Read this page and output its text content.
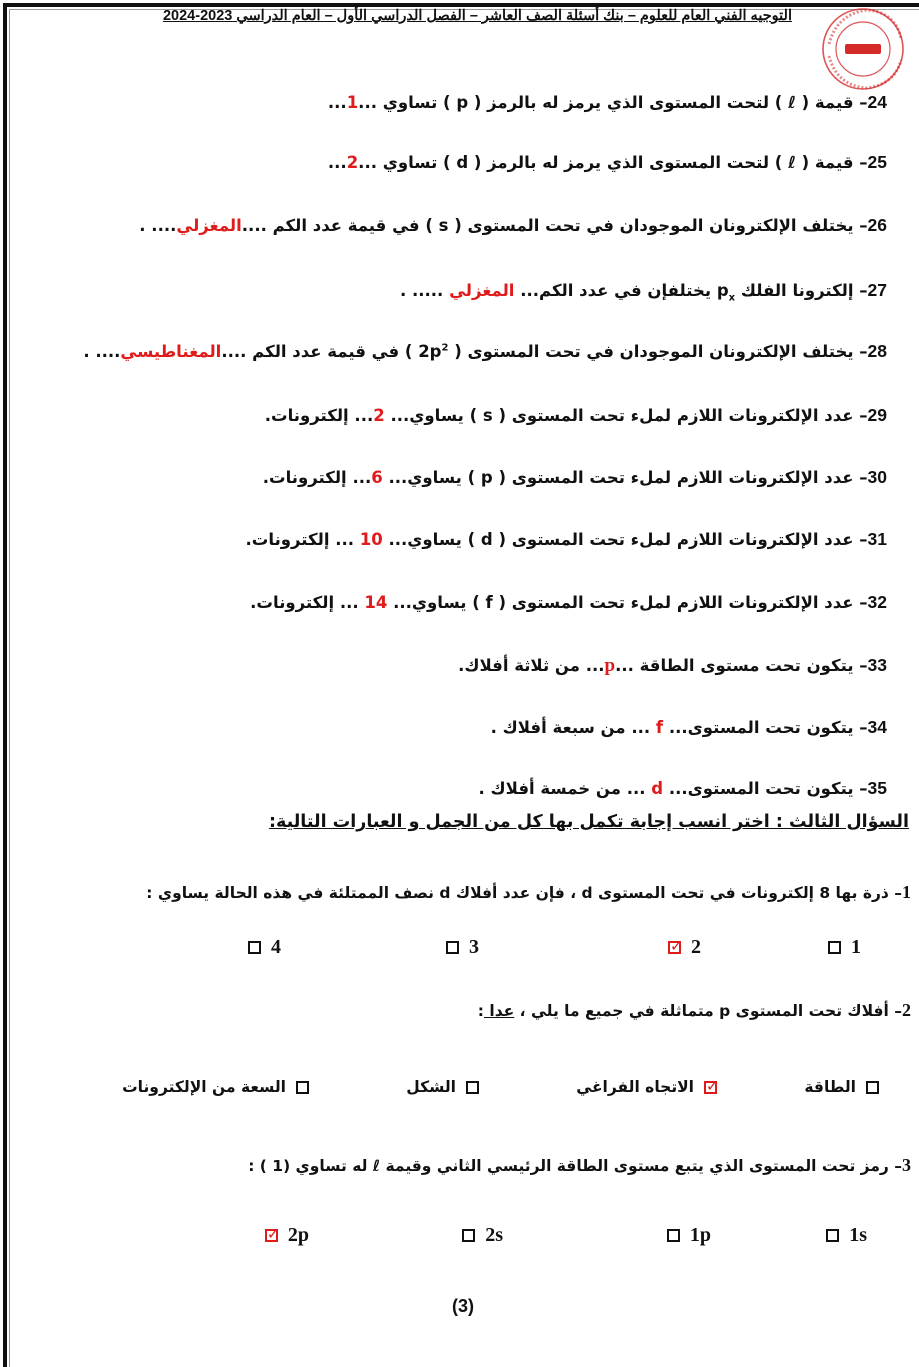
التوجيه الفني العام للعلوم – بنك أسئلة الصف العاشر – الفصل الدراسي الأول – العام الدراسي 2023-2024
24– قيمة ( ℓ ) لتحت المستوى الذي يرمز له بالرمز ( p ) تساوي ...1...
25– قيمة ( ℓ ) لتحت المستوى الذي يرمز له بالرمز ( d ) تساوي ...2...
26– يختلف الإلكترونان الموجودان في تحت المستوى ( s ) في قيمة عدد الكم ....المغزلي.... .
27– إلكترونا الفلك $p_x$ يختلفإن في عدد الكم... المغزلي ..... .
28– يختلف الإلكترونان الموجودان في تحت المستوى ( $2p^2$ ) في قيمة عدد الكم ....المغناطيسي.... .
29– عدد الإلكترونات اللازم لملء تحت المستوى ( s ) يساوي... 2... إلكترونات.
30– عدد الإلكترونات اللازم لملء تحت المستوى ( p ) يساوي... 6... إلكترونات.
31– عدد الإلكترونات اللازم لملء تحت المستوى ( d ) يساوي... 10 ... إلكترونات.
32– عدد الإلكترونات اللازم لملء تحت المستوى ( f ) يساوي... 14 ... إلكترونات.
33– يتكون تحت مستوى الطاقة ...p... من ثلاثة أفلاك.
34– يتكون تحت المستوى... f ... من سبعة أفلاك .
35– يتكون تحت المستوى... d ... من خمسة أفلاك .
السؤال الثالث : اختر انسب إجابة تكمل بها كل من الجمل و العبارات التالية:
1– ذرة بها 8 إلكترونات في تحت المستوى d ، فإن عدد أفلاك d نصف الممتلئة في هذه الحالة يساوي :
1
2
✓
3
4
2– أفلاك تحت المستوى p متماثلة في جميع ما يلي ، عدا :
الطاقة
✓
الاتجاه الفراغي
الشكل
السعة من الإلكترونات
3– رمز تحت المستوى الذي يتبع مستوى الطاقة الرئيسي الثاني وقيمة ℓ له تساوي (1 ) :
1s
1p
2s
2p
✓
(3)
